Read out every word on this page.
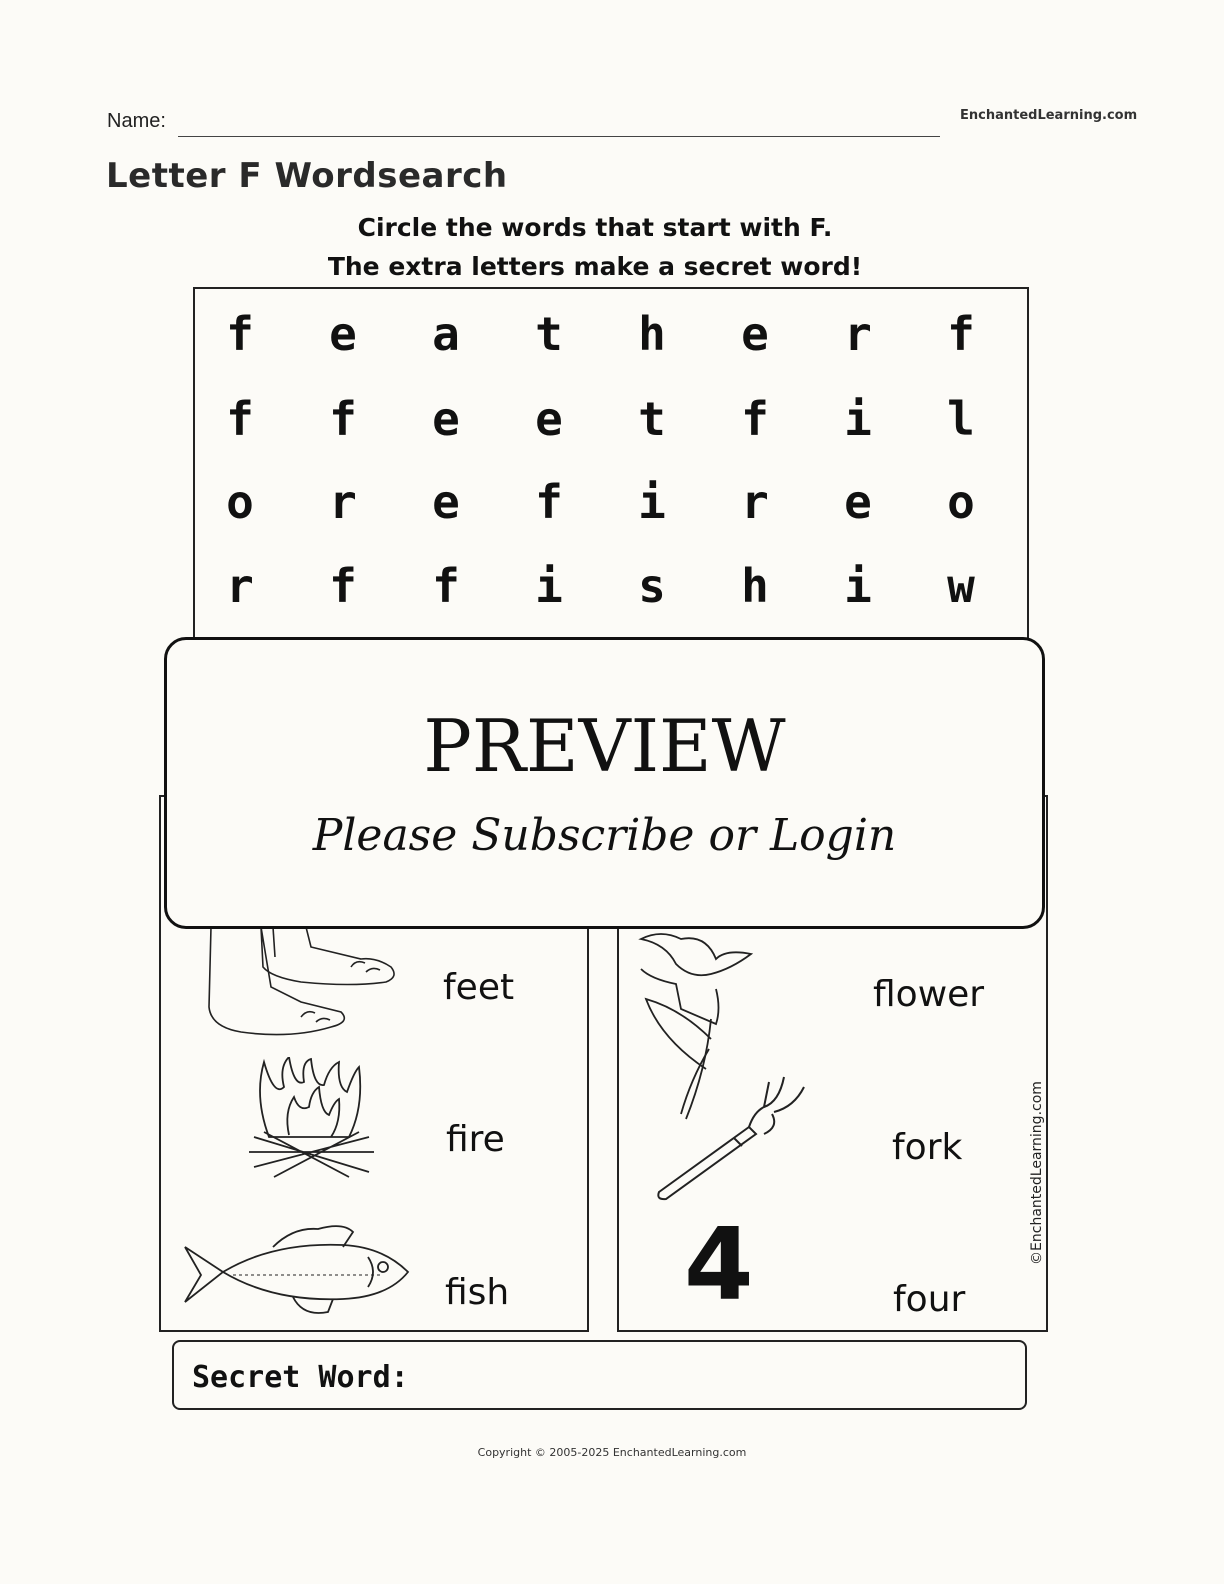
Name:	EnchantedLearning.com
Letter F Wordsearch
Circle the words that start with F.
The extra letters make a secret word!
f	e	a	t	h	e	r	f
f	f	e	e	t	f	i	l
o	r	e	f	i	r	e	o
r	f	f	i	s	h	i	w
feet
fire
fish
flower
fork
4	four
©EnchantedLearning.com
PREVIEW
Please Subscribe or Login
Secret Word:
Copyright © 2005-2025 EnchantedLearning.com
